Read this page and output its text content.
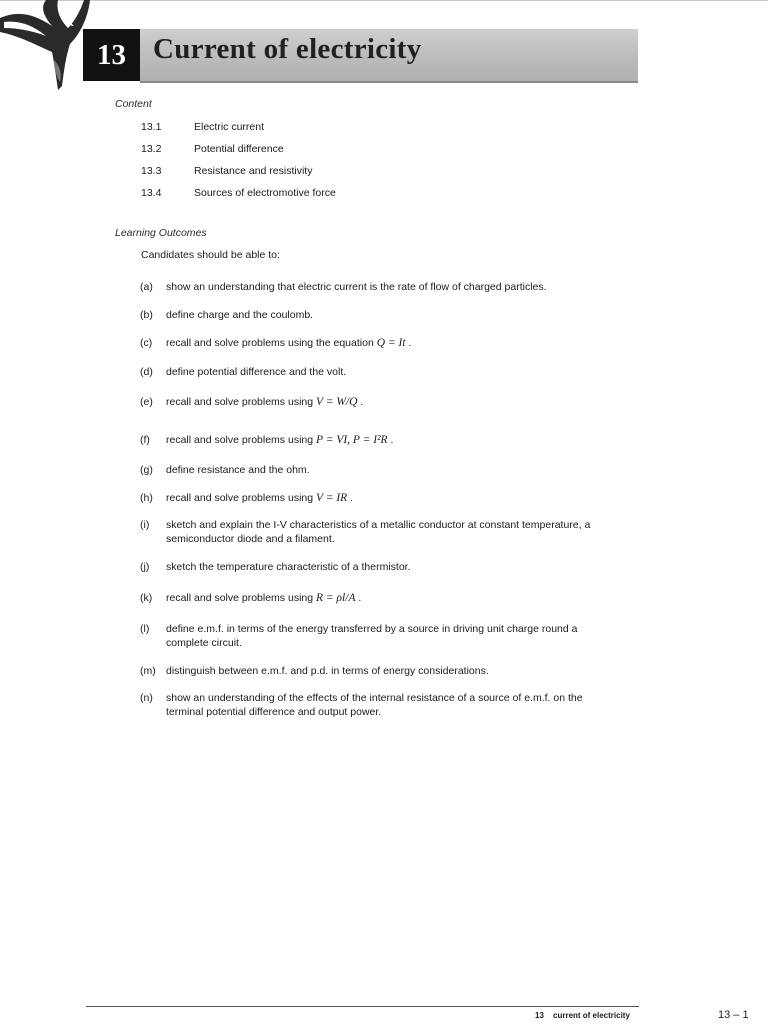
13 Current of electricity
Content
13.1	Electric current
13.2	Potential difference
13.3	Resistance and resistivity
13.4	Sources of electromotive force
Learning Outcomes
Candidates should be able to:
(a)	show an understanding that electric current is the rate of flow of charged particles.

(b)	define charge and the coulomb.

(c)	recall and solve problems using the equation Q = It .

(d)	define potential difference and the volt.

(e)	recall and solve problems using V = W/Q .

(f)	recall and solve problems using P = VI, P = I²R .

(g)	define resistance and the ohm.

(h)	recall and solve problems using V = IR .

(i)	sketch and explain the I-V characteristics of a metallic conductor at constant temperature, a
semiconductor diode and a filament.
(j)	sketch the temperature characteristic of a thermistor.

(k)	recall and solve problems using R = ρl/A .

(l)	define e.m.f. in terms of the energy transferred by a source in driving unit charge round a
complete circuit.
(m) distinguish between e.m.f. and p.d. in terms of energy considerations.

(n)	show an understanding of the effects of the internal resistance of a source of e.m.f. on the
terminal potential difference and output power.
13 current of electricity	13 – 1
